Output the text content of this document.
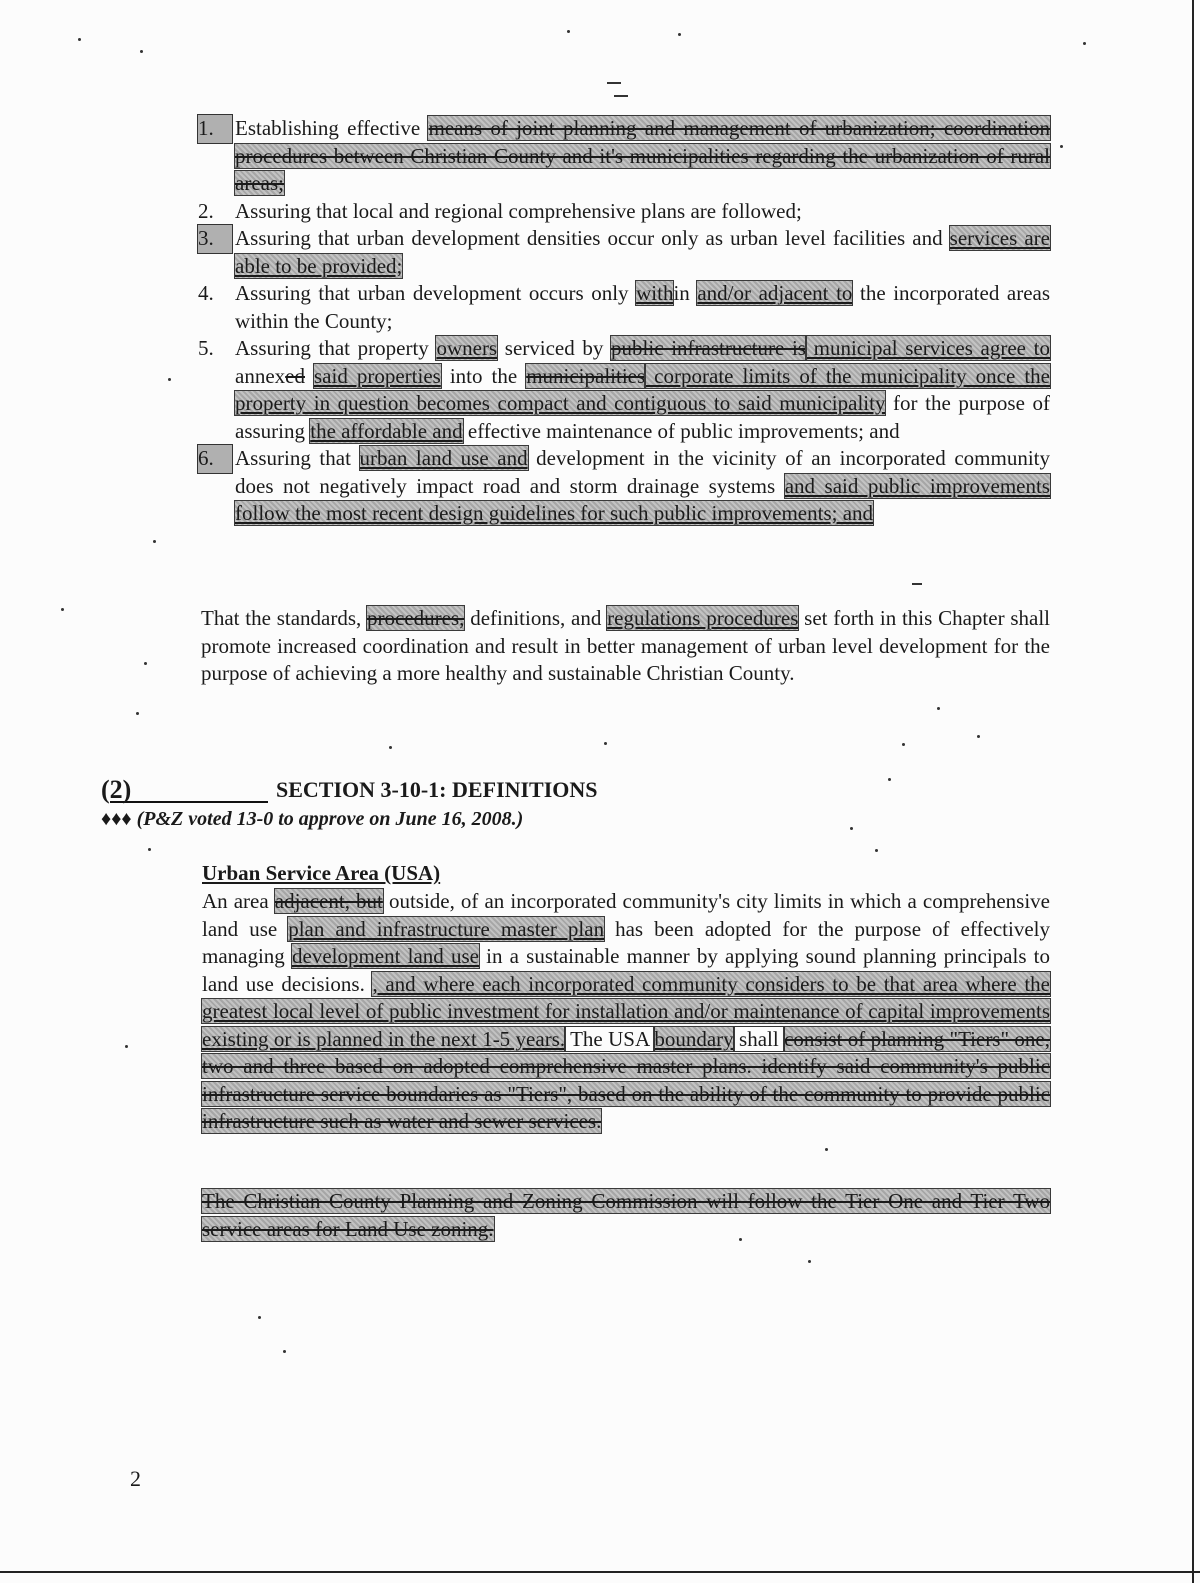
1.	Establishing effective means of joint planning and management of urbanization; coordination procedures between Christian County and it's municipalities regarding the urbanization of rural areas;
2.	Assuring that local and regional comprehensive plans are followed;
3.	Assuring that urban development densities occur only as urban level facilities and services are able to be provided;
4.	Assuring that urban development occurs only within and/or adjacent to the incorporated areas within the County;
5.	Assuring that property owners serviced by public infrastructure is municipal services agree to annexed said properties into the municipalities corporate limits of the municipality once the property in question becomes compact and contiguous to said municipality for the purpose of assuring the affordable and effective maintenance of public improvements; and
6.	Assuring that urban land use and development in the vicinity of an incorporated community does not negatively impact road and storm drainage systems and said public improvements follow the most recent design guidelines for such public improvements; and

That the standards, procedures, definitions, and regulations procedures set forth in this Chapter shall promote increased coordination and result in better management of urban level development for the purpose of achieving a more healthy and sustainable Christian County.

(2)	SECTION 3-10-1: DEFINITIONS
♦♦♦ (P&Z voted 13-0 to approve on June 16, 2008.)
Urban Service Area (USA)

An area adjacent, but outside, of an incorporated community's city limits in which a comprehensive land use plan and infrastructure master plan has been adopted for the purpose of effectively managing development land use in a sustainable manner by applying sound planning principals to land use decisions. , and where each incorporated community considers to be that area where the greatest local level of public investment for installation and/or maintenance of capital improvements existing or is planned in the next 1-5 years. The USA boundary shall consist of planning "Tiers" one, two and three based on adopted comprehensive master plans. identify said community's public infrastructure service boundaries as "Tiers", based on the ability of the community to provide public infrastructure such as water and sewer services.

The Christian County Planning and Zoning Commission will follow the Tier One and Tier Two service areas for Land Use zoning.

2
